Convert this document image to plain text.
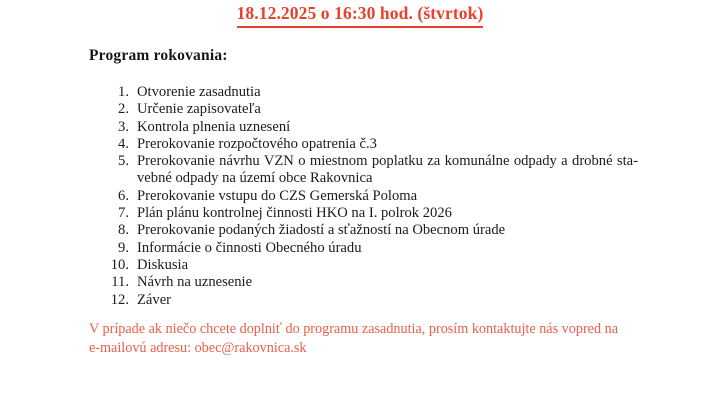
18.12.2025 o 16:30 hod. (štvrtok)
Program rokovania:
1. Otvorenie zasadnutia
2. Určenie zapisovateľa
3. Kontrola plnenia uznesení
4. Prerokovanie rozpočtového opatrenia č.3
5. Prerokovanie návrhu VZN o miestnom poplatku za komunálne odpady a drobné sta-
vebné odpady na území obce Rakovnica
6. Prerokovanie vstupu do CZS Gemerská Poloma
7. Plán plánu kontrolnej činnosti HKO na I. polrok 2026
8. Prerokovanie podaných žiadostí a sťažností na Obecnom úrade
9. Informácie o činnosti Obecného úradu
10. Diskusia
11. Návrh na uznesenie
12. Záver
V prípade ak niečo chcete doplniť do programu zasadnutia, prosím kontaktujte nás vopred na
e-mailovú adresu: obec@rakovnica.sk
